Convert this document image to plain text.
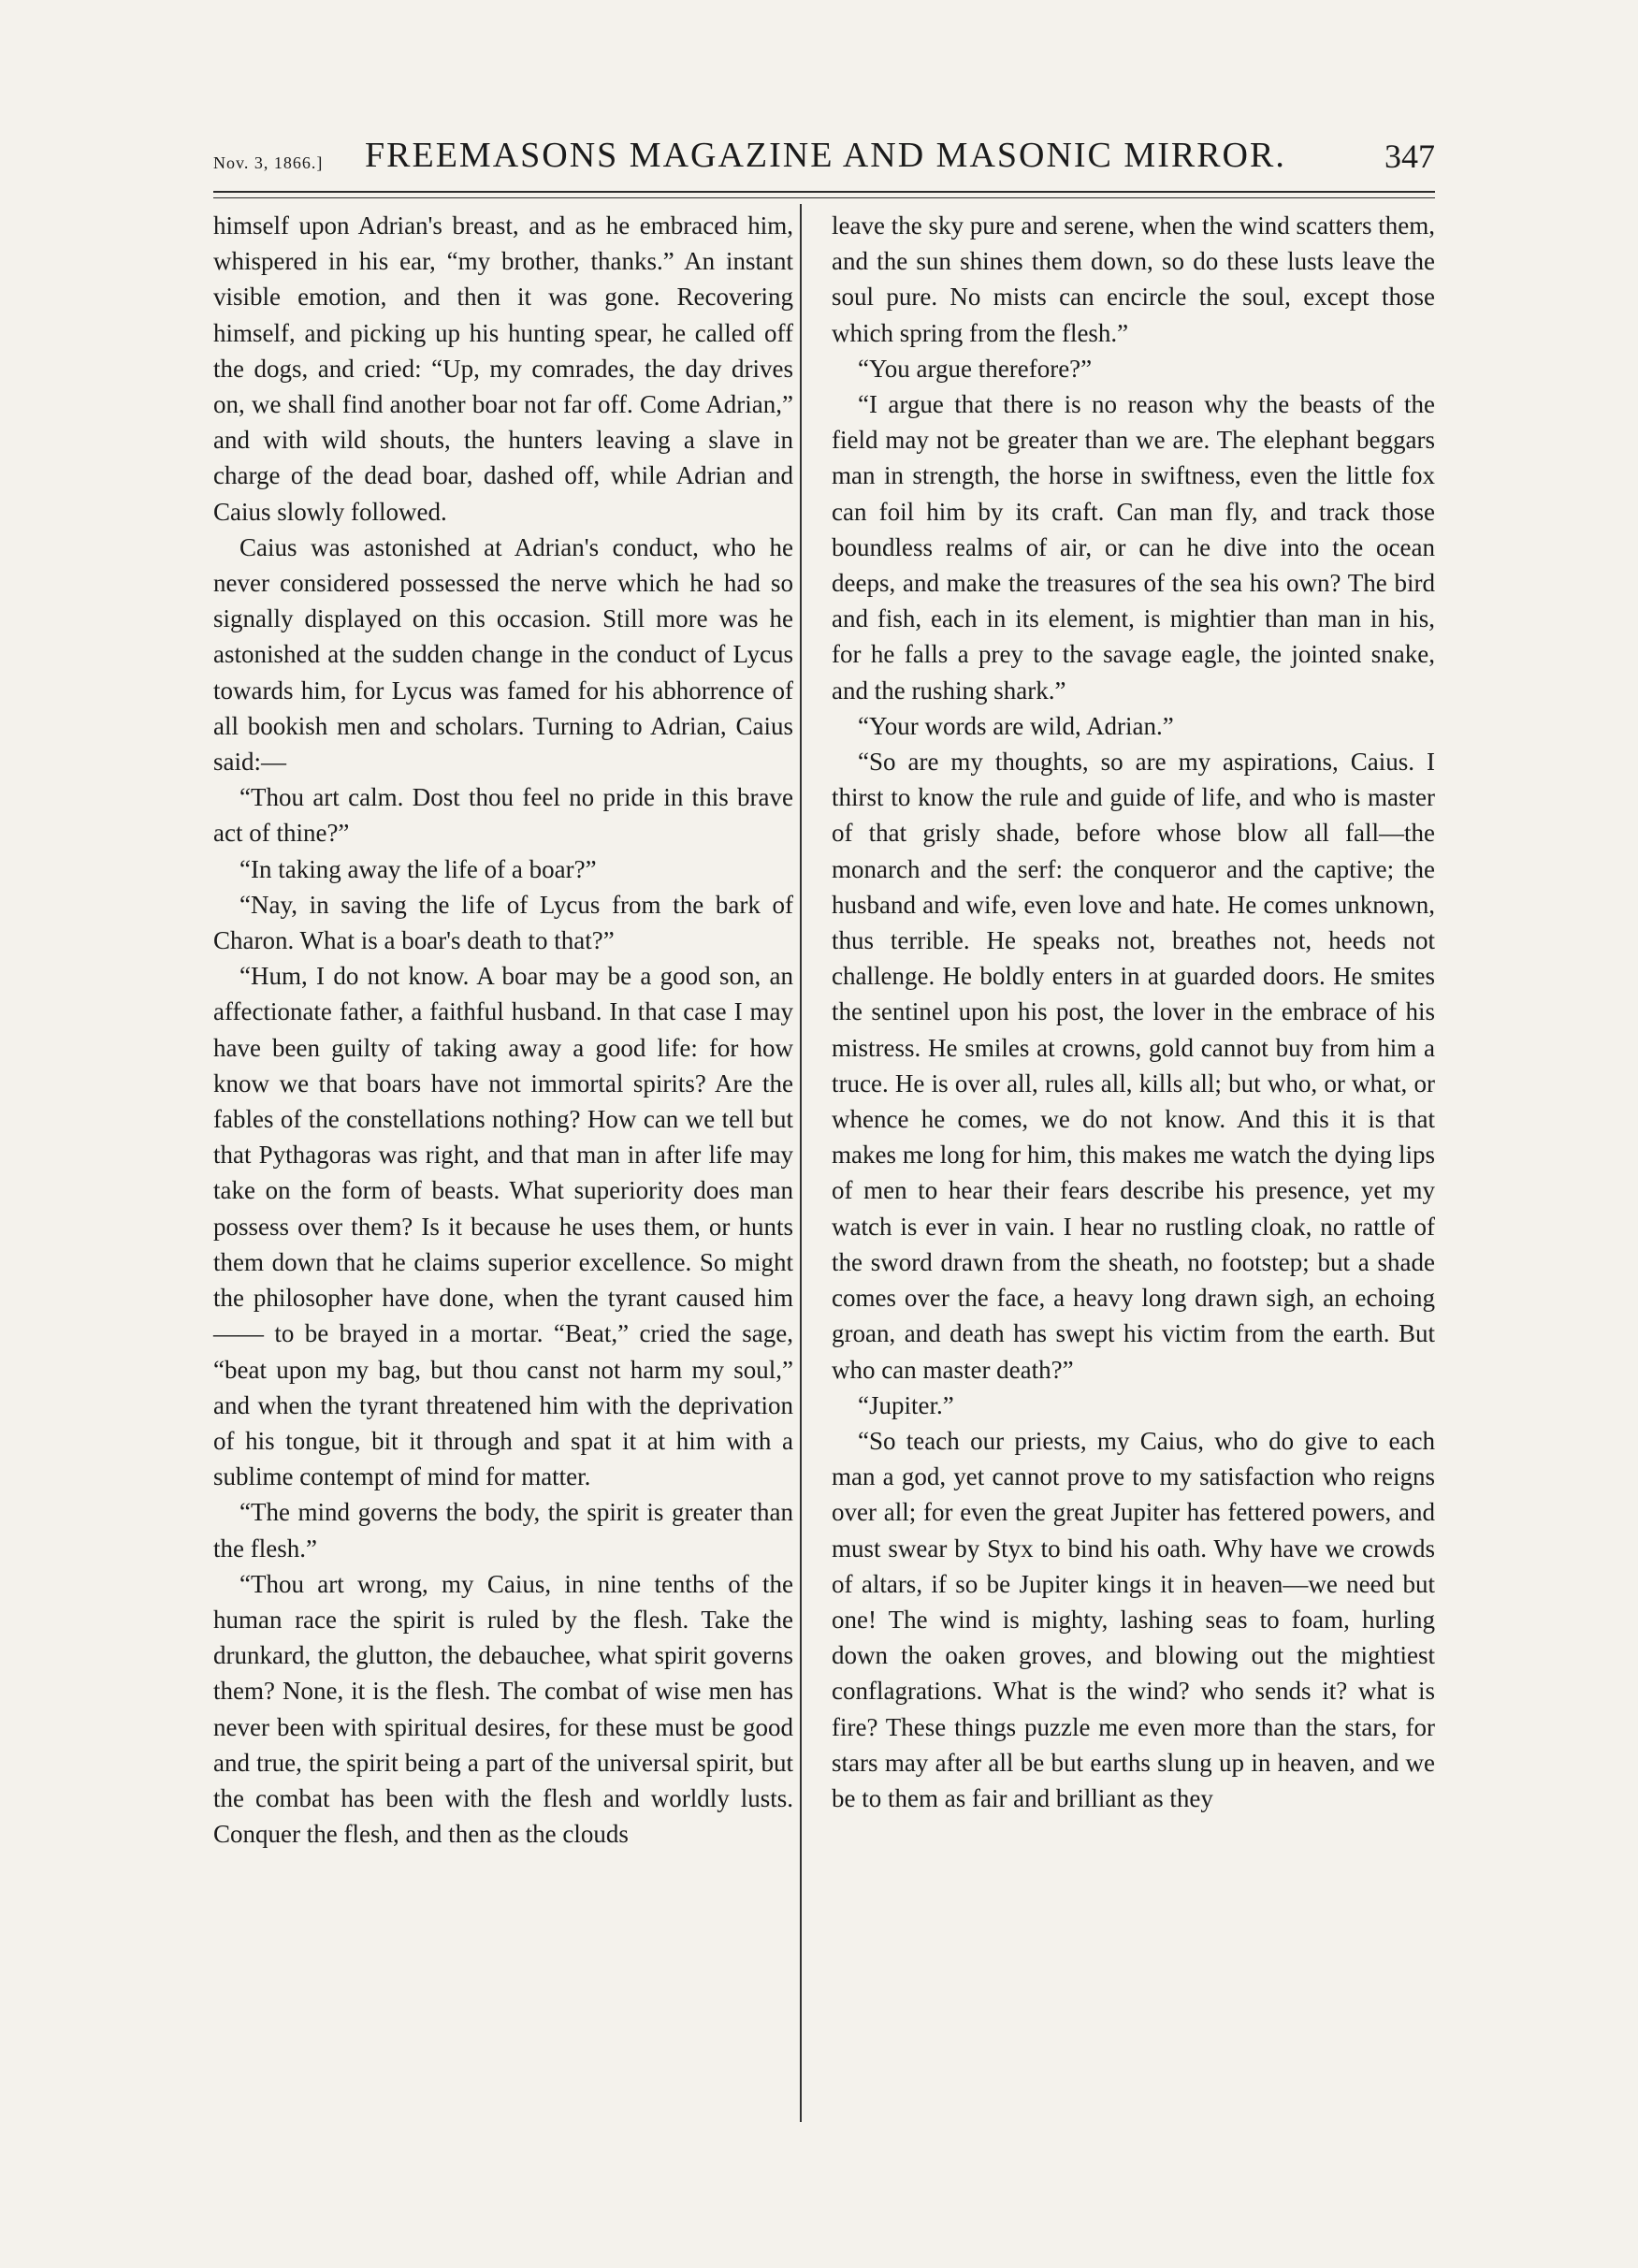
Nov. 3, 1866.] FREEMASONS MAGAZINE AND MASONIC MIRROR.	347

himself upon Adrian's breast, and as he embraced him, whispered in his ear, “my brother, thanks.” An instant visible emotion, and then it was gone. Recovering himself, and picking up his hunting spear, he called off the dogs, and cried: “Up, my comrades, the day drives on, we shall find another boar not far off. Come Adrian,” and with wild shouts, the hunters leaving a slave in charge of the dead boar, dashed off, while Adrian and Caius slowly followed.

Caius was astonished at Adrian's conduct, who he never considered possessed the nerve which he had so signally displayed on this occasion. Still more was he astonished at the sudden change in the conduct of Lycus towards him, for Lycus was famed for his abhorrence of all bookish men and scholars. Turning to Adrian, Caius said:—

“Thou art calm. Dost thou feel no pride in this brave act of thine?”

“In taking away the life of a boar?”

“Nay, in saving the life of Lycus from the bark of Charon. What is a boar's death to that?”

“Hum, I do not know. A boar may be a good son, an affectionate father, a faithful husband. In that case I may have been guilty of taking away a good life: for how know we that boars have not immortal spirits? Are the fables of the constellations nothing? How can we tell but that Pythagoras was right, and that man in after life may take on the form of beasts. What superiority does man possess over them? Is it because he uses them, or hunts them down that he claims superior excellence. So might the philosopher have done, when the tyrant caused him —— to be brayed in a mortar. “Beat,” cried the sage, “beat upon my bag, but thou canst not harm my soul,” and when the tyrant threatened him with the deprivation of his tongue, bit it through and spat it at him with a sublime contempt of mind for matter.

“The mind governs the body, the spirit is greater than the flesh.”

“Thou art wrong, my Caius, in nine tenths of the human race the spirit is ruled by the flesh. Take the drunkard, the glutton, the debauchee, what spirit governs them? None, it is the flesh. The combat of wise men has never been with spiritual desires, for these must be good and true, the spirit being a part of the universal spirit, but the combat has been with the flesh and worldly lusts. Conquer the flesh, and then as the clouds

leave the sky pure and serene, when the wind scatters them, and the sun shines them down, so do these lusts leave the soul pure. No mists can encircle the soul, except those which spring from the flesh.”

“You argue therefore?”

“I argue that there is no reason why the beasts of the field may not be greater than we are. The elephant beggars man in strength, the horse in swiftness, even the little fox can foil him by its craft. Can man fly, and track those boundless realms of air, or can he dive into the ocean deeps, and make the treasures of the sea his own? The bird and fish, each in its element, is mightier than man in his, for he falls a prey to the savage eagle, the jointed snake, and the rushing shark.”

“Your words are wild, Adrian.”

“So are my thoughts, so are my aspirations, Caius. I thirst to know the rule and guide of life, and who is master of that grisly shade, before whose blow all fall—the monarch and the serf: the conqueror and the captive; the husband and wife, even love and hate. He comes unknown, thus terrible. He speaks not, breathes not, heeds not challenge. He boldly enters in at guarded doors. He smites the sentinel upon his post, the lover in the embrace of his mistress. He smiles at crowns, gold cannot buy from him a truce. He is over all, rules all, kills all; but who, or what, or whence he comes, we do not know. And this it is that makes me long for him, this makes me watch the dying lips of men to hear their fears describe his presence, yet my watch is ever in vain. I hear no rustling cloak, no rattle of the sword drawn from the sheath, no footstep; but a shade comes over the face, a heavy long drawn sigh, an echoing groan, and death has swept his victim from the earth. But who can master death?”

“Jupiter.”

“So teach our priests, my Caius, who do give to each man a god, yet cannot prove to my satisfaction who reigns over all; for even the great Jupiter has fettered powers, and must swear by Styx to bind his oath. Why have we crowds of altars, if so be Jupiter kings it in heaven—we need but one! The wind is mighty, lashing seas to foam, hurling down the oaken groves, and blowing out the mightiest conflagrations. What is the wind? who sends it? what is fire? These things puzzle me even more than the stars, for stars may after all be but earths slung up in heaven, and we be to them as fair and brilliant as they
